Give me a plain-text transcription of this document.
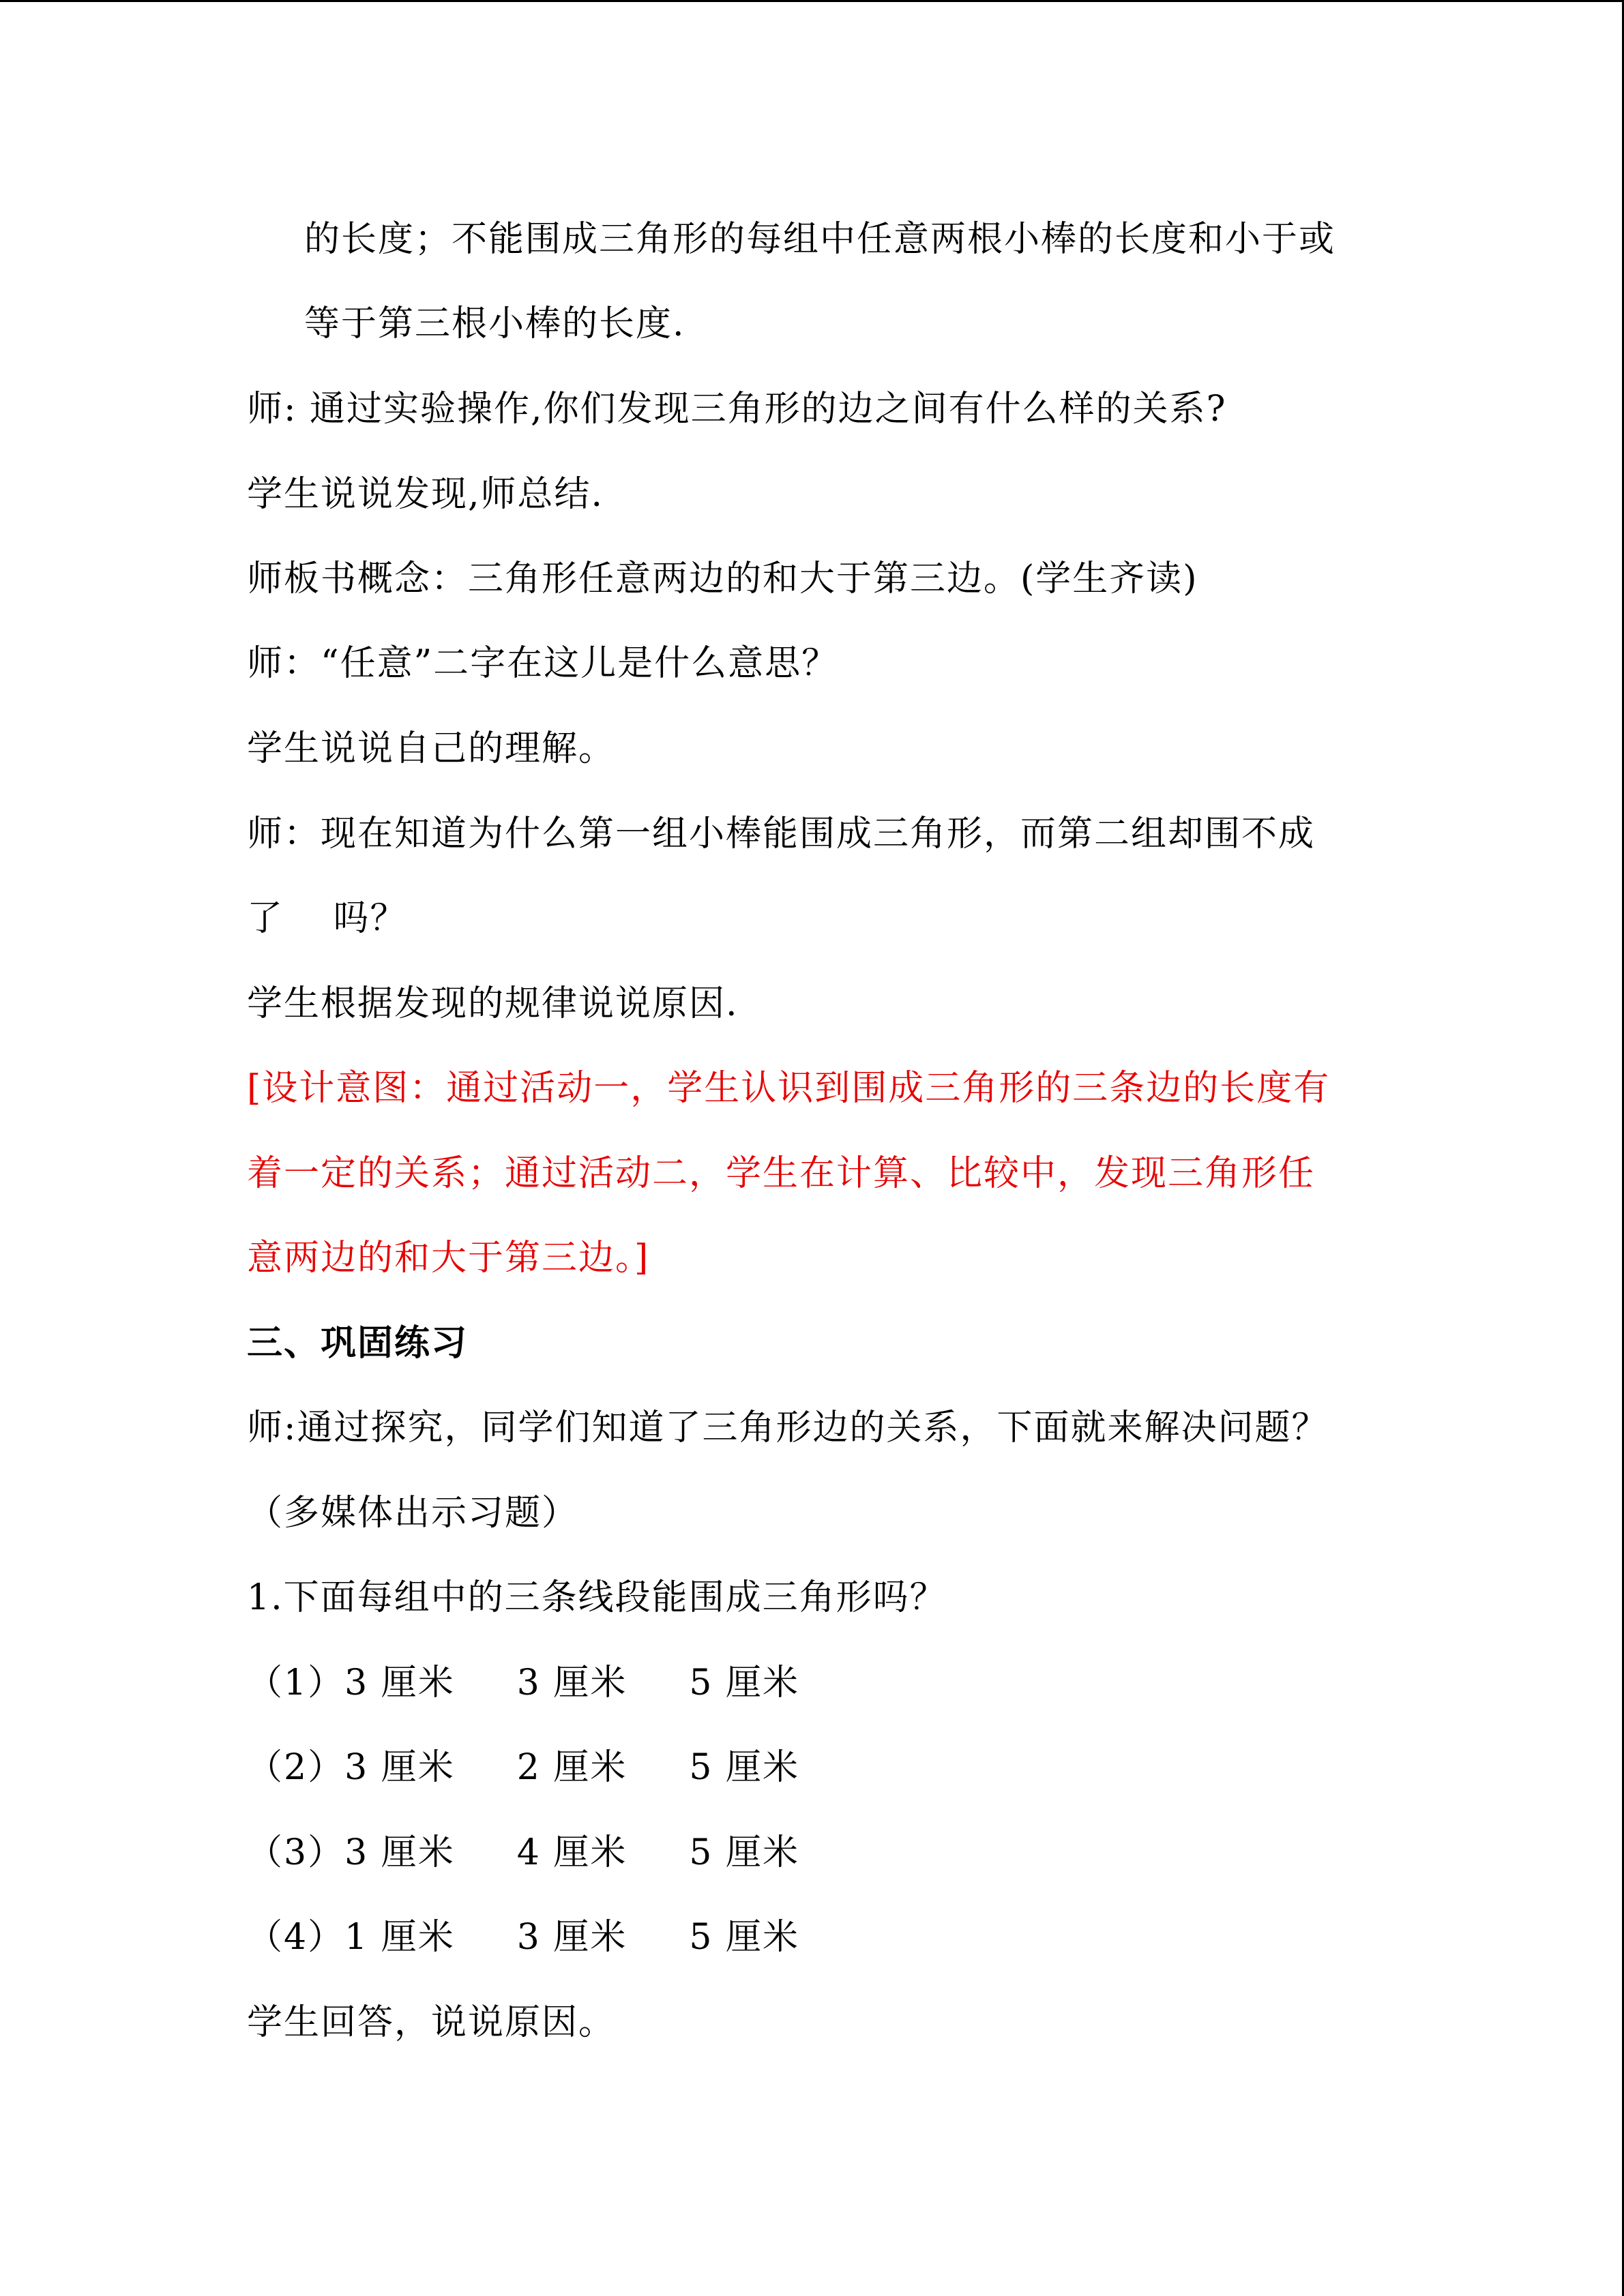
的长度；不能围成三角形的每组中任意两根小棒的长度和小于或
等于第三根小棒的长度.
师: 通过实验操作,你们发现三角形的边之间有什么样的关系?
学生说说发现,师总结.
师板书概念：三角形任意两边的和大于第三边。(学生齐读)
师：“任意”二字在这儿是什么意思？
学生说说自己的理解。
师：现在知道为什么第一组小棒能围成三角形，而第二组却围不成
了　 吗？
学生根据发现的规律说说原因.
[设计意图：通过活动一，学生认识到围成三角形的三条边的长度有
着一定的关系；通过活动二，学生在计算、比较中，发现三角形任
意两边的和大于第三边。]
三、巩固练习
师:通过探究，同学们知道了三角形边的关系，下面就来解决问题？
（多媒体出示习题）
1.下面每组中的三条线段能围成三角形吗？
（1）3 厘米　  3 厘米　  5 厘米
（2）3 厘米　  2 厘米　  5 厘米
（3）3 厘米　  4 厘米　  5 厘米
（4）1 厘米　  3 厘米　  5 厘米
学生回答，说说原因。
